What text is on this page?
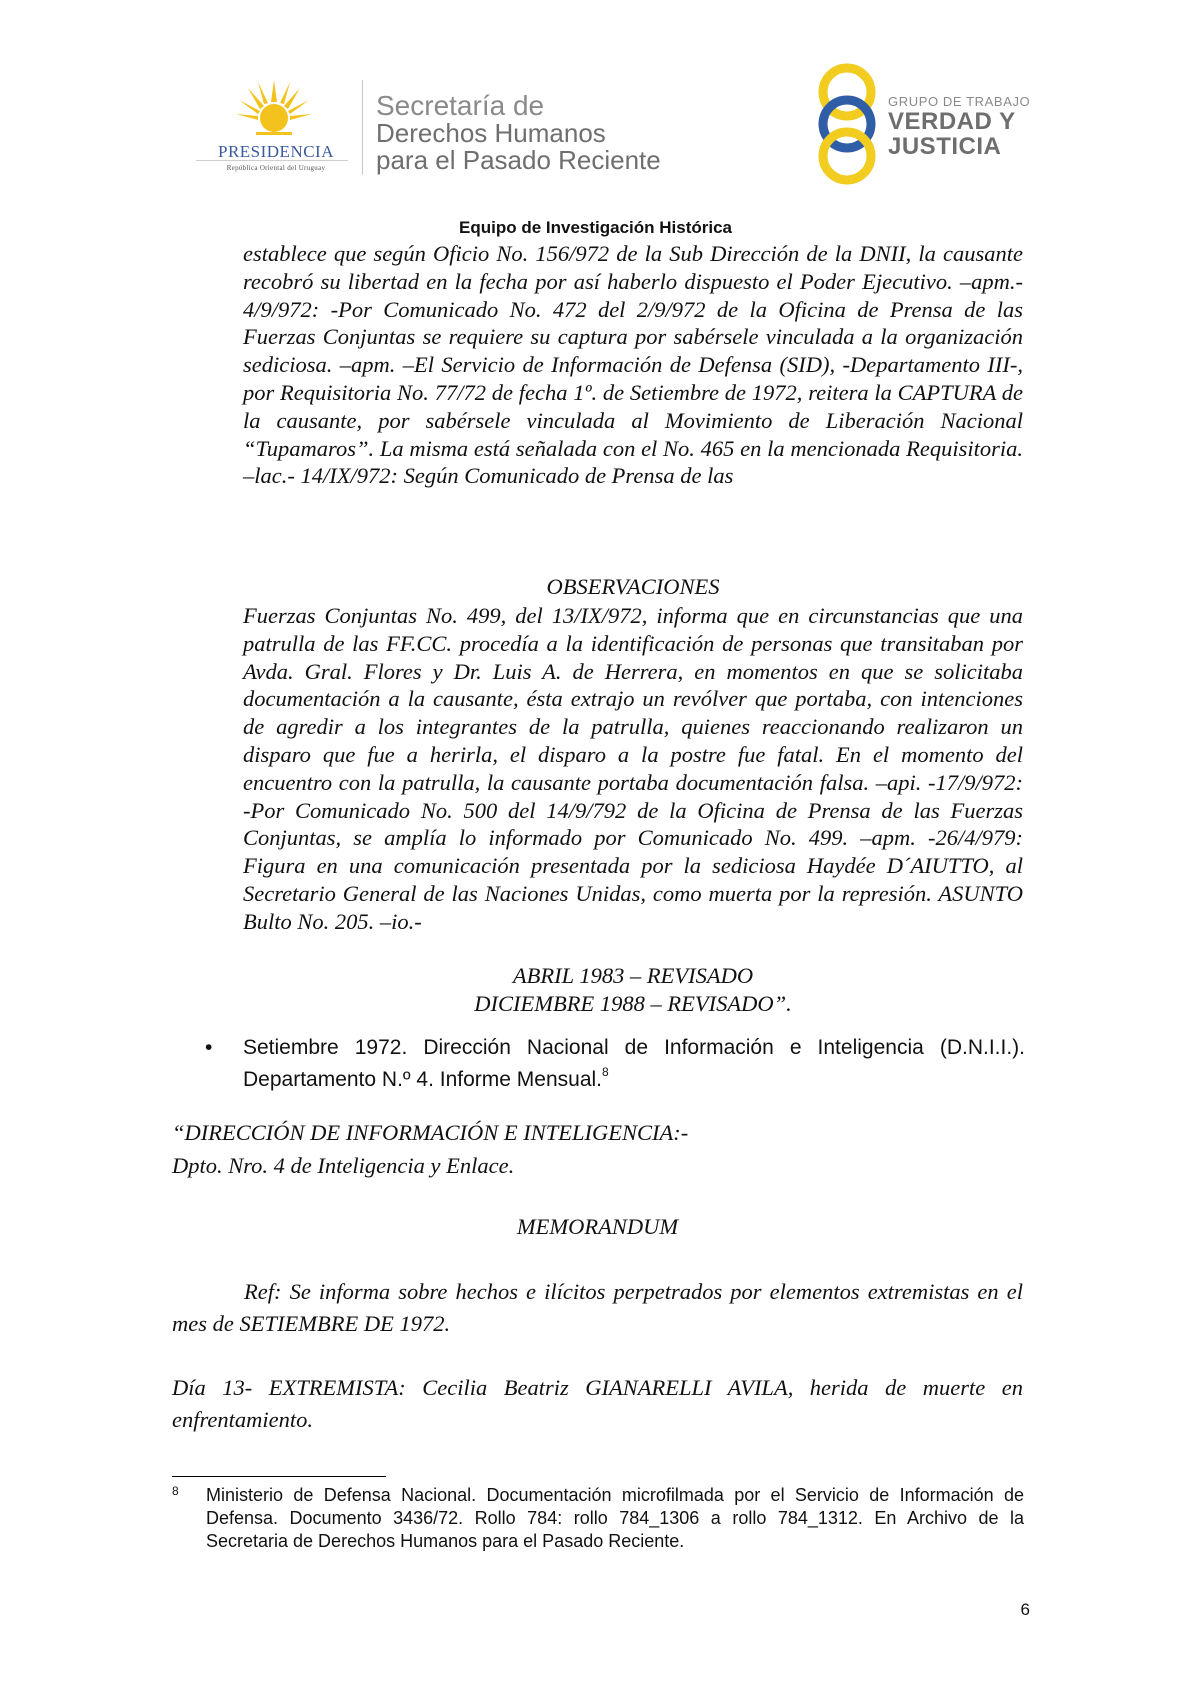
PRESIDENCIA
República Oriental del Uruguay
Secretaría de
Derechos Humanos
para el Pasado Reciente
GRUPO DE TRABAJO
VERDAD Y
JUSTICIA
Equipo de Investigación Histórica
establece que según Oficio No. 156/972 de la Sub Dirección de la DNII, la causante recobró su libertad en la fecha por así haberlo dispuesto el Poder Ejecutivo. –apm.- 4/9/972: -Por Comunicado No. 472 del 2/9/972 de la Oficina de Prensa de las Fuerzas Conjuntas se requiere su captura por sabérsele vinculada a la organización sediciosa. –apm. –El Servicio de Información de Defensa (SID), -Departamento III-, por Requisitoria No. 77/72 de fecha 1º. de Setiembre de 1972, reitera la CAPTURA de la causante, por sabérsele vinculada al Movimiento de Liberación Nacional “Tupamaros”. La misma está señalada con el No. 465 en la mencionada Requisitoria. –lac.- 14/IX/972: Según Comunicado de Prensa de las
OBSERVACIONES
Fuerzas Conjuntas No. 499, del 13/IX/972, informa que en circunstancias que una patrulla de las FF.CC. procedía a la identificación de personas que transitaban por Avda. Gral. Flores y Dr. Luis A. de Herrera, en momentos en que se solicitaba documentación a la causante, ésta extrajo un revólver que portaba, con intenciones de agredir a los integrantes de la patrulla, quienes reaccionando realizaron un disparo que fue a herirla, el disparo a la postre fue fatal. En el momento del encuentro con la patrulla, la causante portaba documentación falsa. –api. -17/9/972: -Por Comunicado No. 500 del 14/9/792 de la Oficina de Prensa de las Fuerzas Conjuntas, se amplía lo informado por Comunicado No. 499. –apm. -26/4/979: Figura en una comunicación presentada por la sediciosa Haydée D´AIUTTO, al Secretario General de las Naciones Unidas, como muerta por la represión. ASUNTO Bulto No. 205. –io.-
ABRIL 1983 – REVISADO
DICIEMBRE 1988 – REVISADO”.
•	Setiembre 1972. Dirección Nacional de Información e Inteligencia (D.N.I.I.). Departamento N.º 4. Informe Mensual.$^8$
“DIRECCIÓN DE INFORMACIÓN E INTELIGENCIA:-
Dpto. Nro. 4 de Inteligencia y Enlace.
MEMORANDUM
Ref: Se informa sobre hechos e ilícitos perpetrados por elementos extremistas en el mes de SETIEMBRE DE 1972.
Día 13- EXTREMISTA: Cecilia Beatriz GIANARELLI AVILA, herida de muerte en enfrentamiento.
8 Ministerio de Defensa Nacional. Documentación microfilmada por el Servicio de Información de Defensa. Documento 3436/72. Rollo 784: rollo 784_1306 a rollo 784_1312. En Archivo de la Secretaria de Derechos Humanos para el Pasado Reciente.
6
